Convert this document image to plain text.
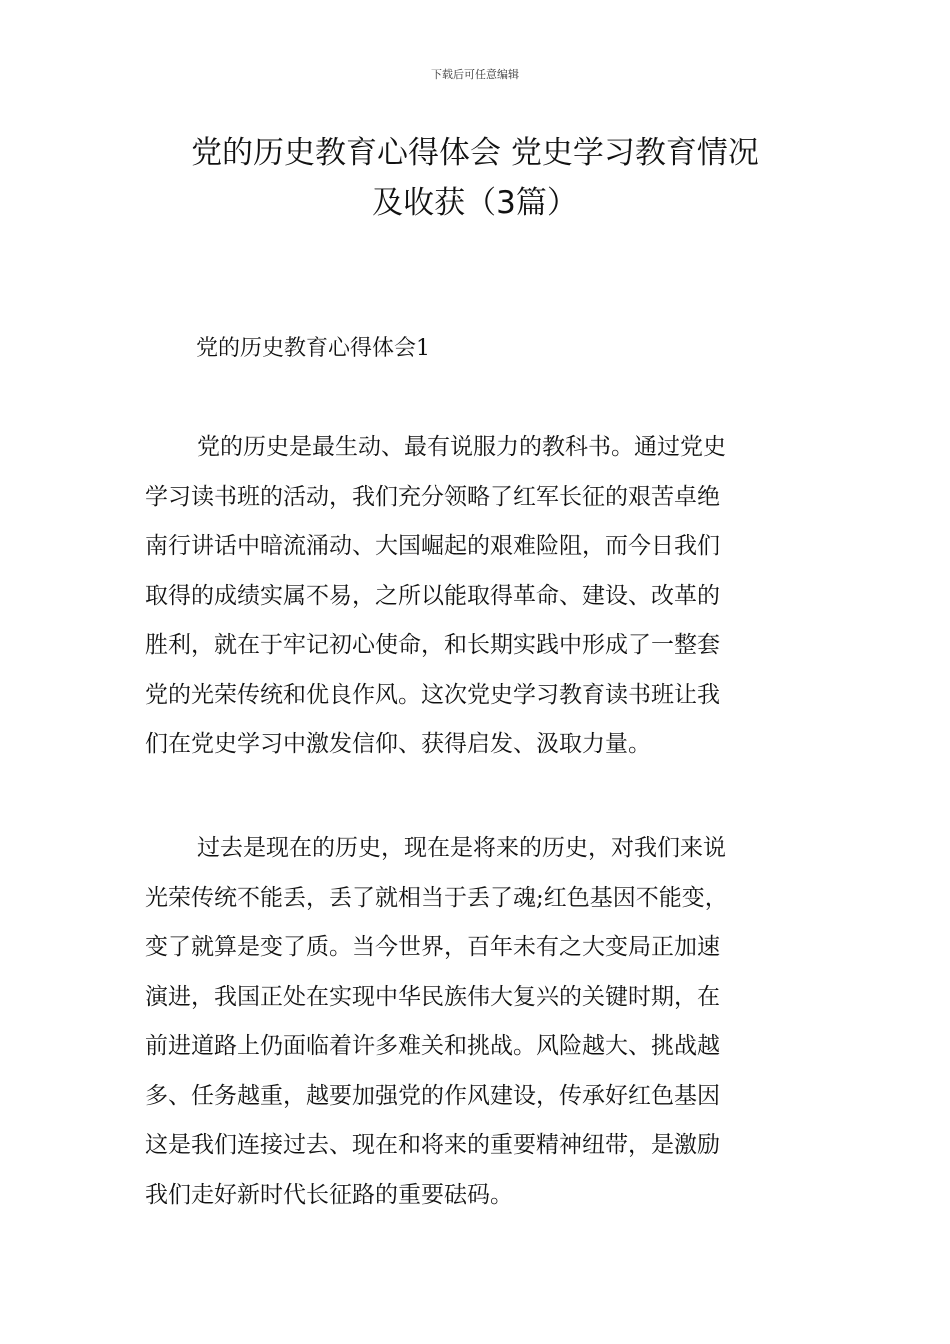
下载后可任意编辑
党的历史教育心得体会 党史学习教育情况
及收获（3篇）
党的历史教育心得体会1

党的历史是最生动、最有说服力的教科书。通过党史
学习读书班的活动，我们充分领略了红军长征的艰苦卓绝
南行讲话中暗流涌动、大国崛起的艰难险阻，而今日我们
取得的成绩实属不易，之所以能取得革命、建设、改革的
胜利，就在于牢记初心使命，和长期实践中形成了一整套
党的光荣传统和优良作风。这次党史学习教育读书班让我
们在党史学习中激发信仰、获得启发、汲取力量。

过去是现在的历史，现在是将来的历史，对我们来说
光荣传统不能丢，丢了就相当于丢了魂;红色基因不能变，
变了就算是变了质。当今世界，百年未有之大变局正加速
演进，我国正处在实现中华民族伟大复兴的关键时期，在
前进道路上仍面临着许多难关和挑战。风险越大、挑战越
多、任务越重，越要加强党的作风建设，传承好红色基因
这是我们连接过去、现在和将来的重要精神纽带，是激励
我们走好新时代长征路的重要砝码。
